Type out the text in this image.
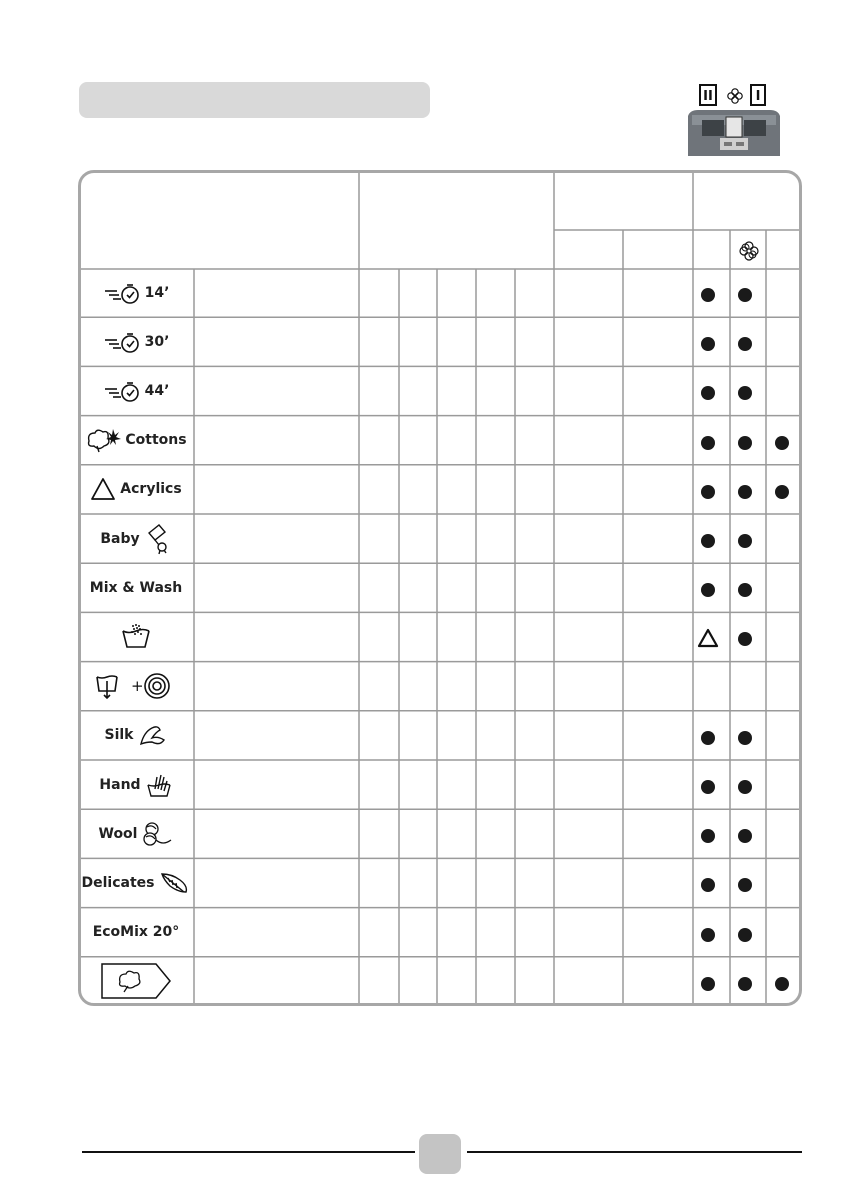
II	I
14’
30’
44’
Cottons
Acrylics
Baby
Mix & Wash
+
Silk
Hand
Wool
Delicates
EcoMix 20°
